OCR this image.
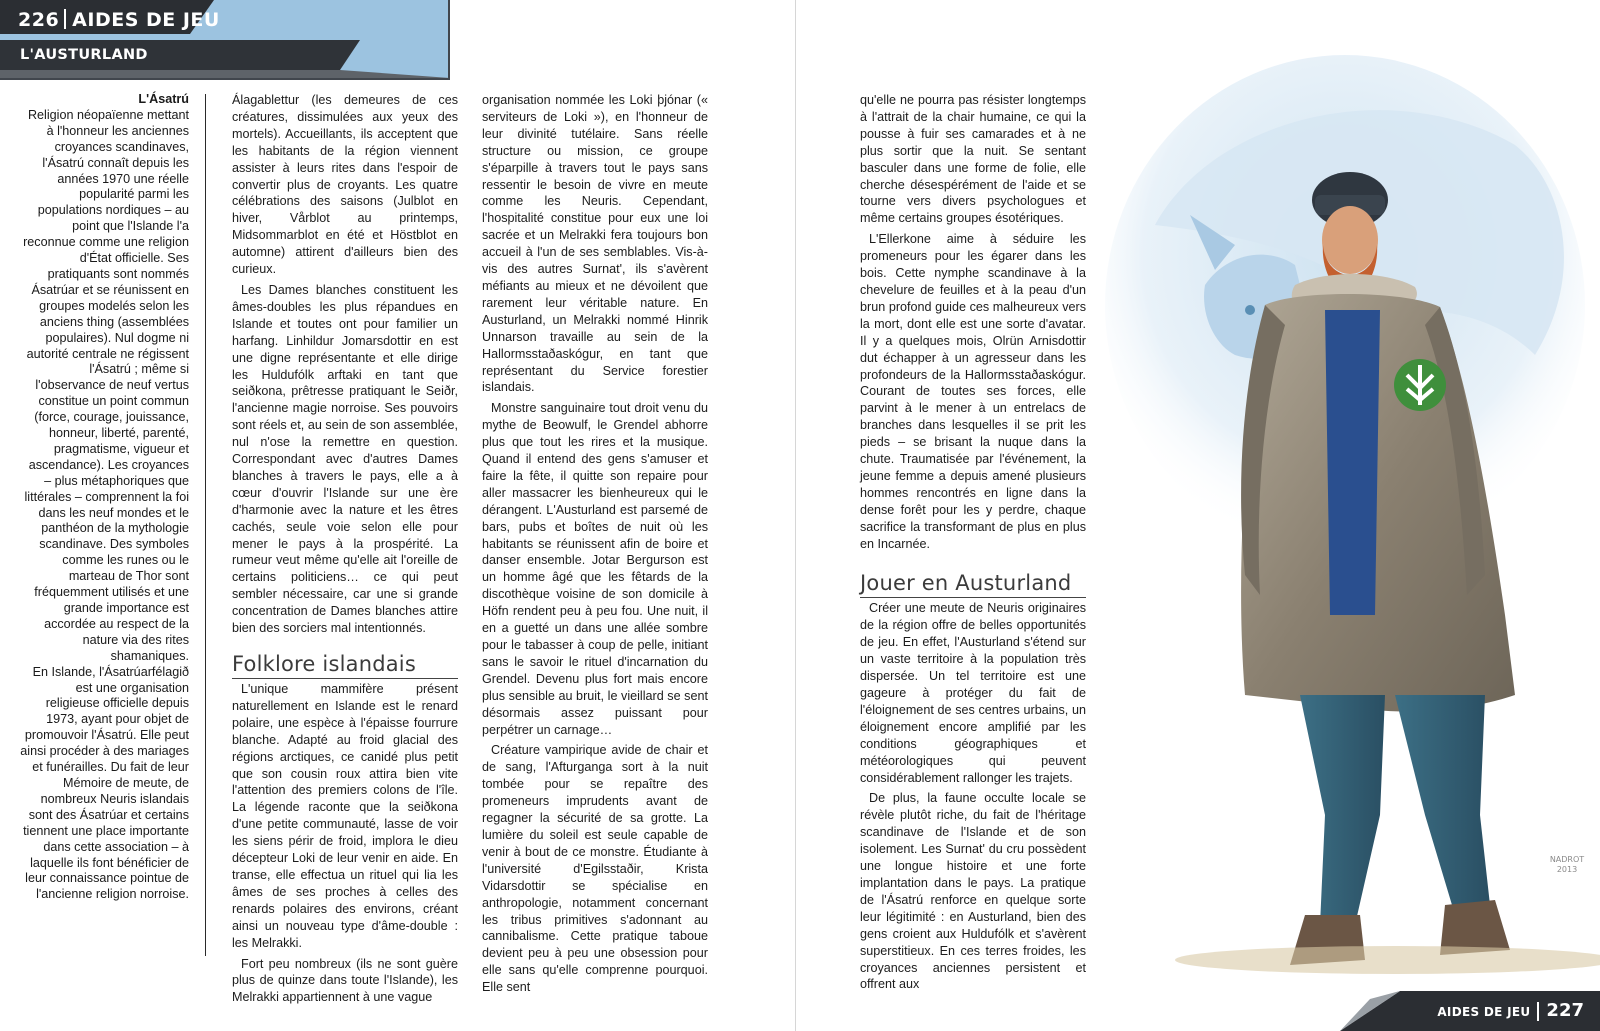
226 AIDES DE JEU
L'AUSTURLAND
L'Ásatrú

Religion néopaïenne mettant à l'honneur les anciennes croyances scandinaves, l'Ásatrú connaît depuis les années 1970 une réelle popularité parmi les populations nordiques – au point que l'Islande l'a reconnue comme une religion d'État officielle. Ses pratiquants sont nommés Ásatrúar et se réunissent en groupes modelés selon les anciens thing (assemblées populaires). Nul dogme ni autorité centrale ne régissent l'Ásatrú ; même si l'observance de neuf vertus constitue un point commun (force, courage, jouissance, honneur, liberté, parenté, pragmatisme, vigueur et ascendance). Les croyances – plus métaphoriques que littérales – comprennent la foi dans les neuf mondes et le panthéon de la mythologie scandinave. Des symboles comme les runes ou le marteau de Thor sont fréquemment utilisés et une grande importance est accordée au respect de la nature via des rites shamaniques.

En Islande, l'Ásatrúarfélagið est une organisation religieuse officielle depuis 1973, ayant pour objet de promouvoir l'Ásatrú. Elle peut ainsi procéder à des mariages et funérailles. Du fait de leur Mémoire de meute, de nombreux Neuris islandais sont des Ásatrúar et certains tiennent une place importante dans cette association – à laquelle ils font bénéficier de leur connaissance pointue de l'ancienne religion norroise.

Álagablettur (les demeures de ces créatures, dissimulées aux yeux des mortels). Accueillants, ils acceptent que les habitants de la région viennent assister à leurs rites dans l'espoir de convertir plus de croyants. Les quatre célébrations des saisons (Julblot en hiver, Vårblot au printemps, Midsommarblot en été et Höstblot en automne) attirent d'ailleurs bien des curieux.

Les Dames blanches constituent les âmes-doubles les plus répandues en Islande et toutes ont pour familier un harfang. Linhildur Jomarsdottir en est une digne représentante et elle dirige les Huldufólk arftaki en tant que seiðkona, prêtresse pratiquant le Seiðr, l'ancienne magie norroise. Ses pouvoirs sont réels et, au sein de son assemblée, nul n'ose la remettre en question. Correspondant avec d'autres Dames blanches à travers le pays, elle a à cœur d'ouvrir l'Islande sur une ère d'harmonie avec la nature et les êtres cachés, seule voie selon elle pour mener le pays à la prospérité. La rumeur veut même qu'elle ait l'oreille de certains politiciens… ce qui peut sembler nécessaire, car une si grande concentration de Dames blanches attire bien des sorciers mal intentionnés.

Folklore islandais

L'unique mammifère présent naturellement en Islande est le renard polaire, une espèce à l'épaisse fourrure blanche. Adapté au froid glacial des régions arctiques, ce canidé plus petit que son cousin roux attira bien vite l'attention des premiers colons de l'île. La légende raconte que la seiðkona d'une petite communauté, lasse de voir les siens périr de froid, implora le dieu décepteur Loki de leur venir en aide. En transe, elle effectua un rituel qui lia les âmes de ses proches à celles des renards polaires des environs, créant ainsi un nouveau type d'âme-double : les Melrakki.

Fort peu nombreux (ils ne sont guère plus de quinze dans toute l'Islande), les Melrakki appartiennent à une vague

organisation nommée les Loki þjónar (« serviteurs de Loki »), en l'honneur de leur divinité tutélaire. Sans réelle structure ou mission, ce groupe s'éparpille à travers tout le pays sans ressentir le besoin de vivre en meute comme les Neuris. Cependant, l'hospitalité constitue pour eux une loi sacrée et un Melrakki fera toujours bon accueil à l'un de ses semblables. Vis-à-vis des autres Surnat', ils s'avèrent méfiants au mieux et ne dévoilent que rarement leur véritable nature. En Austurland, un Melrakki nommé Hinrik Unnarson travaille au sein de la Hallormsstaðaskógur, en tant que représentant du Service forestier islandais.

Monstre sanguinaire tout droit venu du mythe de Beowulf, le Grendel abhorre plus que tout les rires et la musique. Quand il entend des gens s'amuser et faire la fête, il quitte son repaire pour aller massacrer les bienheureux qui le dérangent. L'Austurland est parsemé de bars, pubs et boîtes de nuit où les habitants se réunissent afin de boire et danser ensemble. Jotar Bergurson est un homme âgé que les fêtards de la discothèque voisine de son domicile à Höfn rendent peu à peu fou. Une nuit, il en a guetté un dans une allée sombre pour le tabasser à coup de pelle, initiant sans le savoir le rituel d'incarnation du Grendel. Devenu plus fort mais encore plus sensible au bruit, le vieillard se sent désormais assez puissant pour perpétrer un carnage…

Créature vampirique avide de chair et de sang, l'Afturganga sort à la nuit tombée pour se repaître des promeneurs imprudents avant de regagner la sécurité de sa grotte. La lumière du soleil est seule capable de venir à bout de ce monstre. Étudiante à l'université d'Egilsstaðir, Krista Vidarsdottir se spécialise en anthropologie, notamment concernant les tribus primitives s'adonnant au cannibalisme. Cette pratique taboue devient peu à peu une obsession pour elle sans qu'elle comprenne pourquoi. Elle sent

NADROT 2013

qu'elle ne pourra pas résister longtemps à l'attrait de la chair humaine, ce qui la pousse à fuir ses camarades et à ne plus sortir que la nuit. Se sentant basculer dans une forme de folie, elle cherche désespérément de l'aide et se tourne vers divers psychologues et même certains groupes ésotériques.

L'Ellerkone aime à séduire les promeneurs pour les égarer dans les bois. Cette nymphe scandinave à la chevelure de feuilles et à la peau d'un brun profond guide ces malheureux vers la mort, dont elle est une sorte d'avatar. Il y a quelques mois, Olrün Arnisdottir dut échapper à un agresseur dans les profondeurs de la Hallormsstaðaskógur. Courant de toutes ses forces, elle parvint à le mener à un entrelacs de branches dans lesquelles il se prit les pieds – se brisant la nuque dans la chute. Traumatisée par l'événement, la jeune femme a depuis amené plusieurs hommes rencontrés en ligne dans la dense forêt pour les y perdre, chaque sacrifice la transformant de plus en plus en Incarnée.

Jouer en Austurland

Créer une meute de Neuris originaires de la région offre de belles opportunités de jeu. En effet, l'Austurland s'étend sur un vaste territoire à la population très dispersée. Un tel territoire est une gageure à protéger du fait de l'éloignement de ses centres urbains, un éloignement encore amplifié par les conditions géographiques et météorologiques qui peuvent considérablement rallonger les trajets.

De plus, la faune occulte locale se révèle plutôt riche, du fait de l'héritage scandinave de l'Islande et de son isolement. Les Surnat' du cru possèdent une longue histoire et une forte implantation dans le pays. La pratique de l'Ásatrú renforce en quelque sorte leur légitimité : en Austurland, bien des gens croient aux Huldufólk et s'avèrent superstitieux. En ces terres froides, les croyances anciennes persistent et offrent aux

AIDES DE JEU 227
